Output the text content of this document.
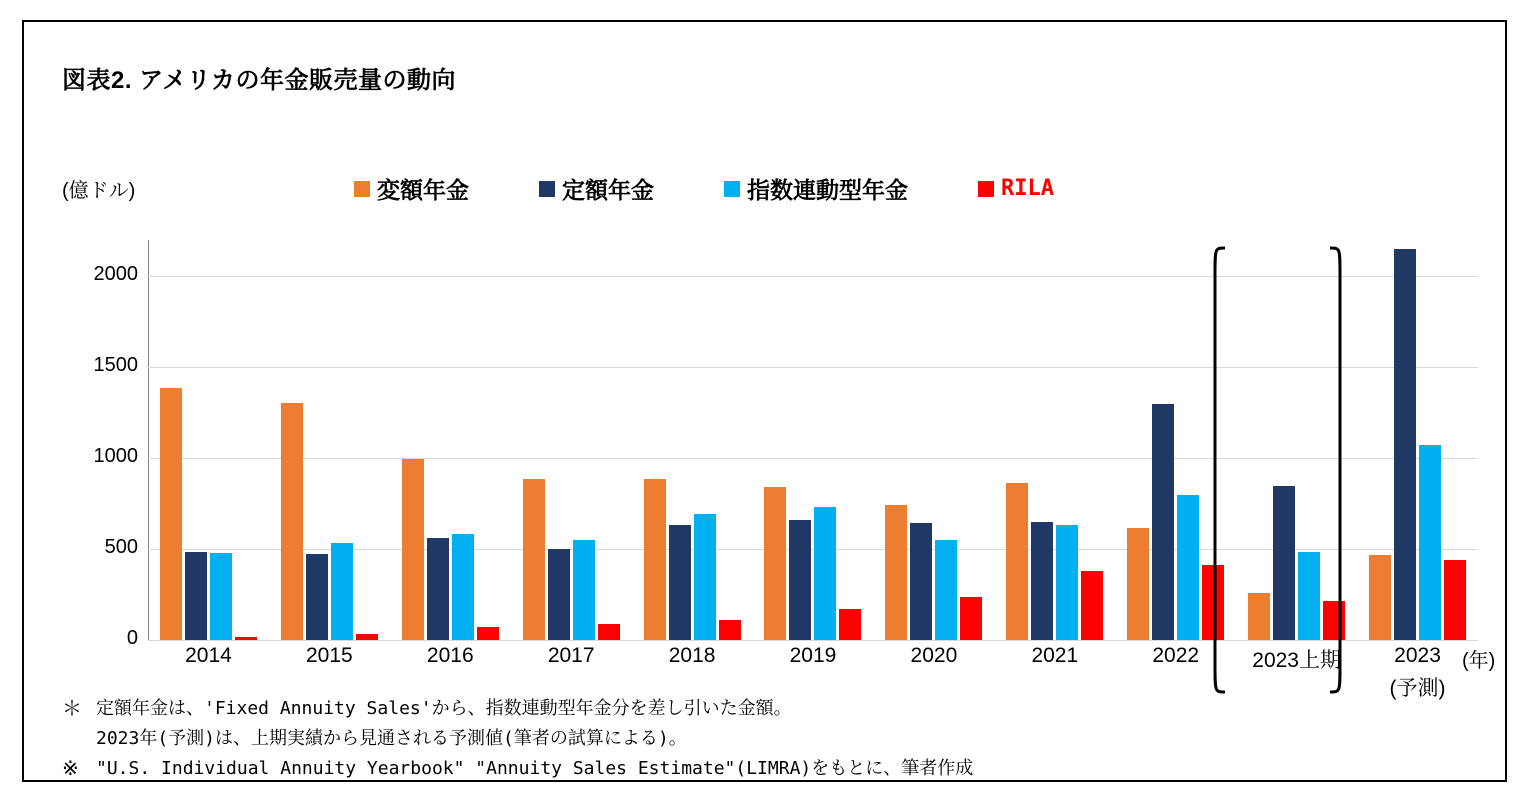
図表2. アメリカの年金販売量の動向
(億ドル)	変額年金	定額年金	指数連動型年金	RILA
0
500
1000
1500
2000
2014	2015	2016	2017	2018	2019	2020	2021	2022	2023上期	2023
(予測)
(年)
＊ 定額年金は、'Fixed Annuity Sales'から、指数連動型年金分を差し引いた金額。
2023年(予測)は、上期実績から見通される予測値(筆者の試算による)。
※ "U.S. Individual Annuity Yearbook" "Annuity Sales Estimate"(LIMRA)をもとに、筆者作成
